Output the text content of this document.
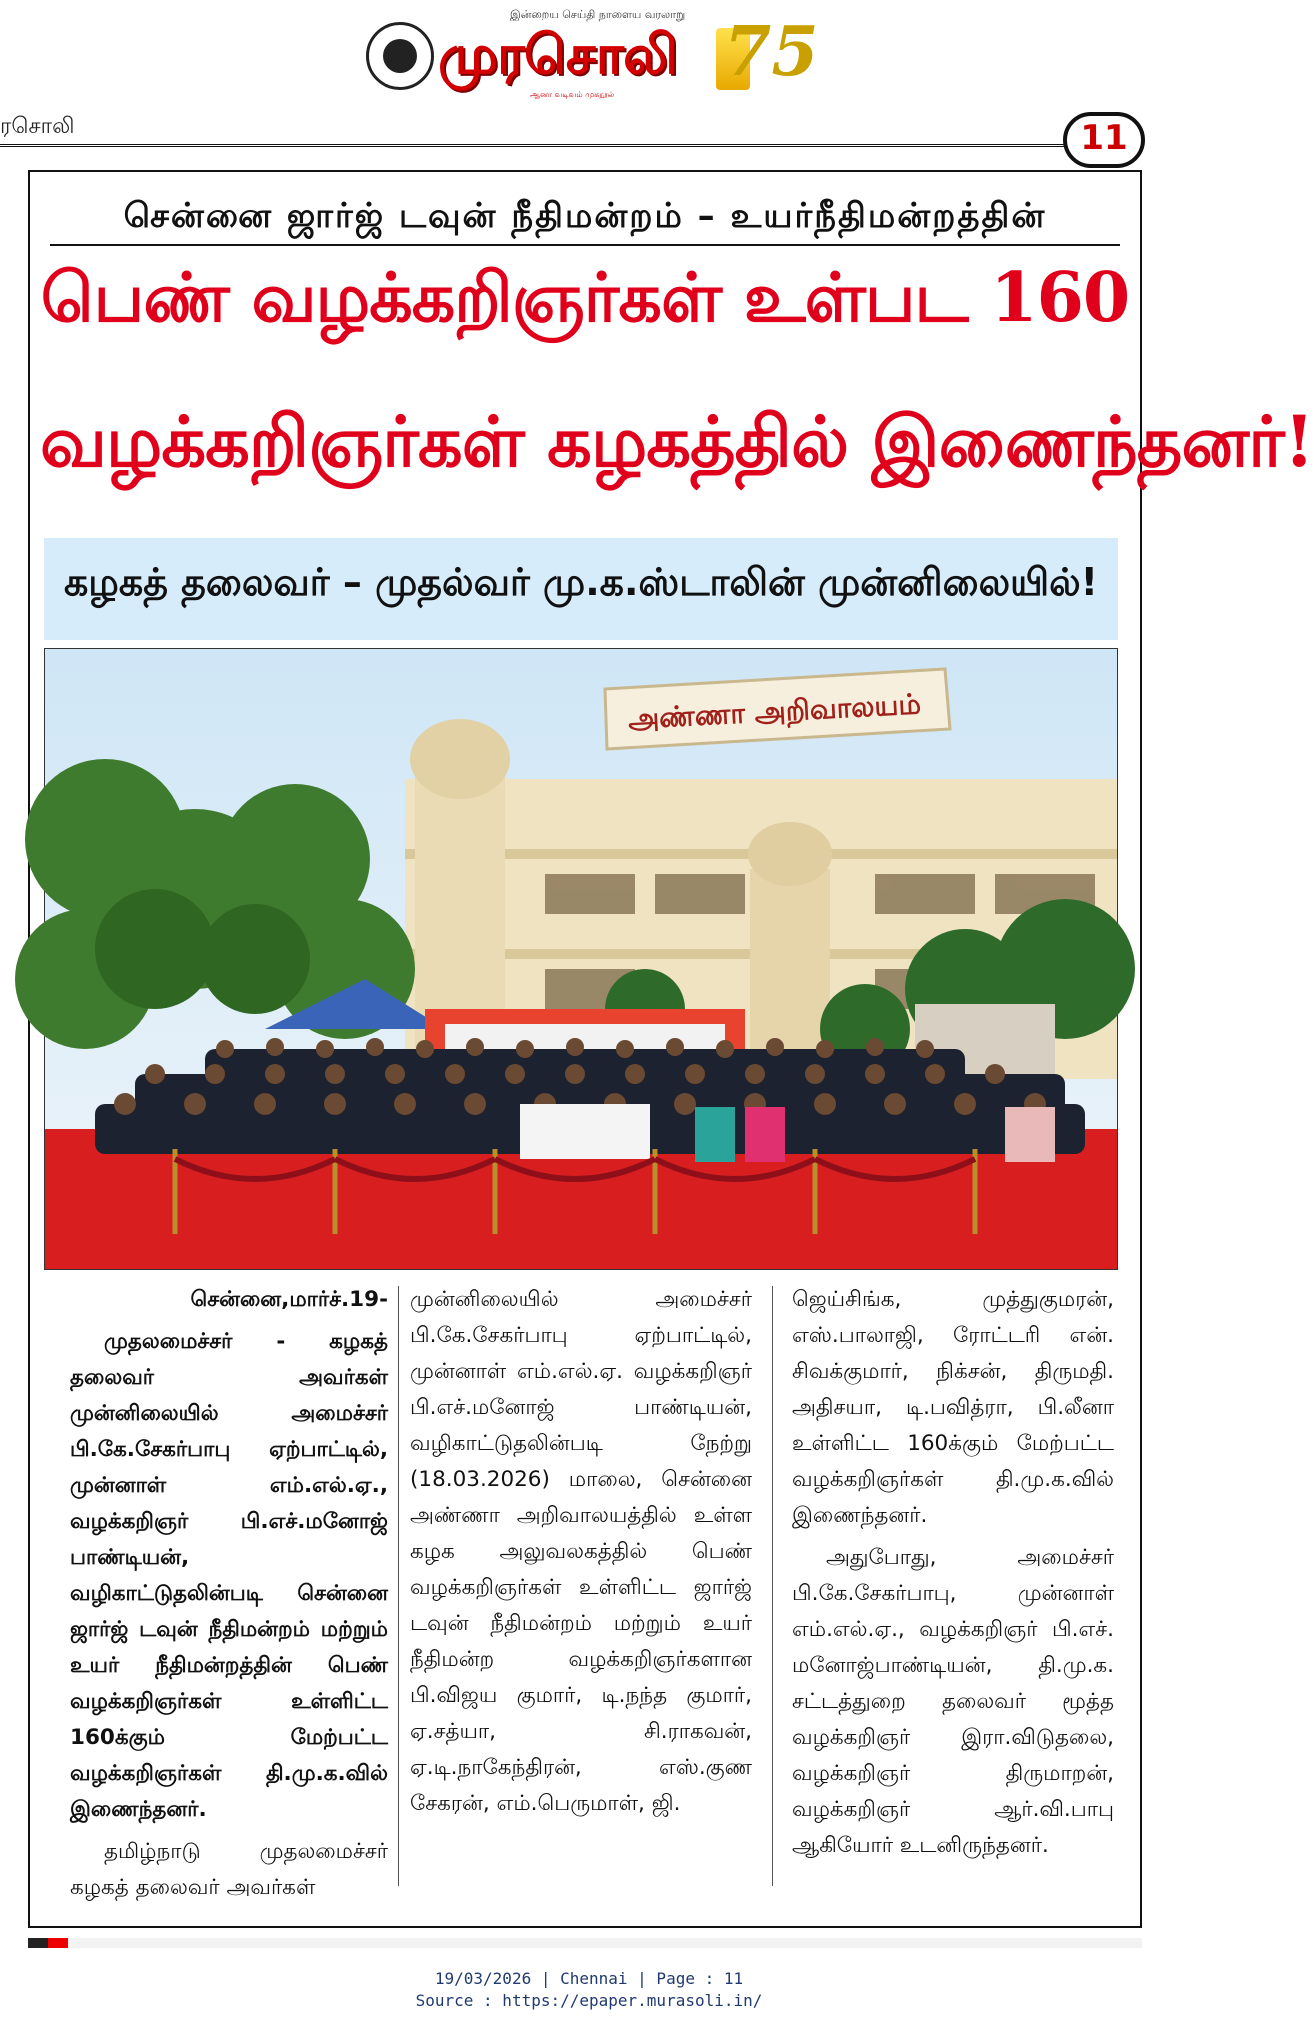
இன்றைய செய்தி நாளைய வரலாறு
முரசொலி
ஆனா வடிவம் முகநூல்
75
ரசொலி	11
சென்னை ஜார்ஜ் டவுன் நீதிமன்றம் – உயர்நீதிமன்றத்தின்
பெண் வழக்கறிஞர்கள் உள்பட 160
வழக்கறிஞர்கள் கழகத்தில் இணைந்தனர்!
கழகத் தலைவர் – முதல்வர் மு.க.ஸ்டாலின் முன்னிலையில்!
அண்ணா அறிவாலயம்

சென்னை,மார்ச்.19-

முதலமைச்சர் - கழகத் தலைவர் அவர்கள் முன்னிலையில் அமைச்சர் பி.கே.சேகர்பாபு ஏற்பாட்டில், முன்னாள் எம்.எல்.ஏ., வழக்கறிஞர் பி.எச்.மனோஜ் பாண்டியன், வழிகாட்டுதலின்படி சென்னை ஜார்ஜ் டவுன் நீதிமன்றம் மற்றும் உயர் நீதிமன்றத்தின் பெண் வழக்கறிஞர்கள் உள்ளிட்ட 160க்கும் மேற்பட்ட வழக்கறிஞர்கள் தி.மு.க.வில் இணைந்தனர்.

தமிழ்நாடு முதலமைச்சர் கழகத் தலைவர் அவர்கள்

முன்னிலையில் அமைச்சர் பி.கே.சேகர்பாபு ஏற்பாட்டில், முன்னாள் எம்.எல்.ஏ. வழக்கறிஞர் பி.எச்.மனோஜ் பாண்டியன், வழிகாட்டுதலின்படி நேற்று (18.03.2026) மாலை, சென்னை அண்ணா அறிவாலயத்தில் உள்ள கழக அலுவலகத்தில் பெண் வழக்கறிஞர்கள் உள்ளிட்ட ஜார்ஜ் டவுன் நீதிமன்றம் மற்றும் உயர் நீதிமன்ற வழக்கறிஞர்களான பி.விஜய குமார், டி.நந்த குமார், ஏ.சத்யா, சி.ராகவன், ஏ.டி.நாகேந்திரன், எஸ்.குண சேகரன், எம்.பெருமாள், ஜி.

ஜெய்சிங்க, முத்துகுமரன், எஸ்.பாலாஜி, ரோட்டரி என். சிவக்குமார், நிக்சன், திருமதி. அதிசயா, டி.பவித்ரா, பி.லீனா உள்ளிட்ட 160க்கும் மேற்பட்ட வழக்கறிஞர்கள் தி.மு.க.வில் இணைந்தனர்.

அதுபோது, அமைச்சர் பி.கே.சேகர்பாபு, முன்னாள் எம்.எல்.ஏ., வழக்கறிஞர் பி.எச். மனோஜ்பாண்டியன், தி.மு.க. சட்டத்துறை தலைவர் மூத்த வழக்கறிஞர் இரா.விடுதலை, வழக்கறிஞர் திருமாறன், வழக்கறிஞர் ஆர்.வி.பாபு ஆகியோர் உடனிருந்தனர்.

19/03/2026 | Chennai | Page : 11
Source : https://epaper.murasoli.in/
